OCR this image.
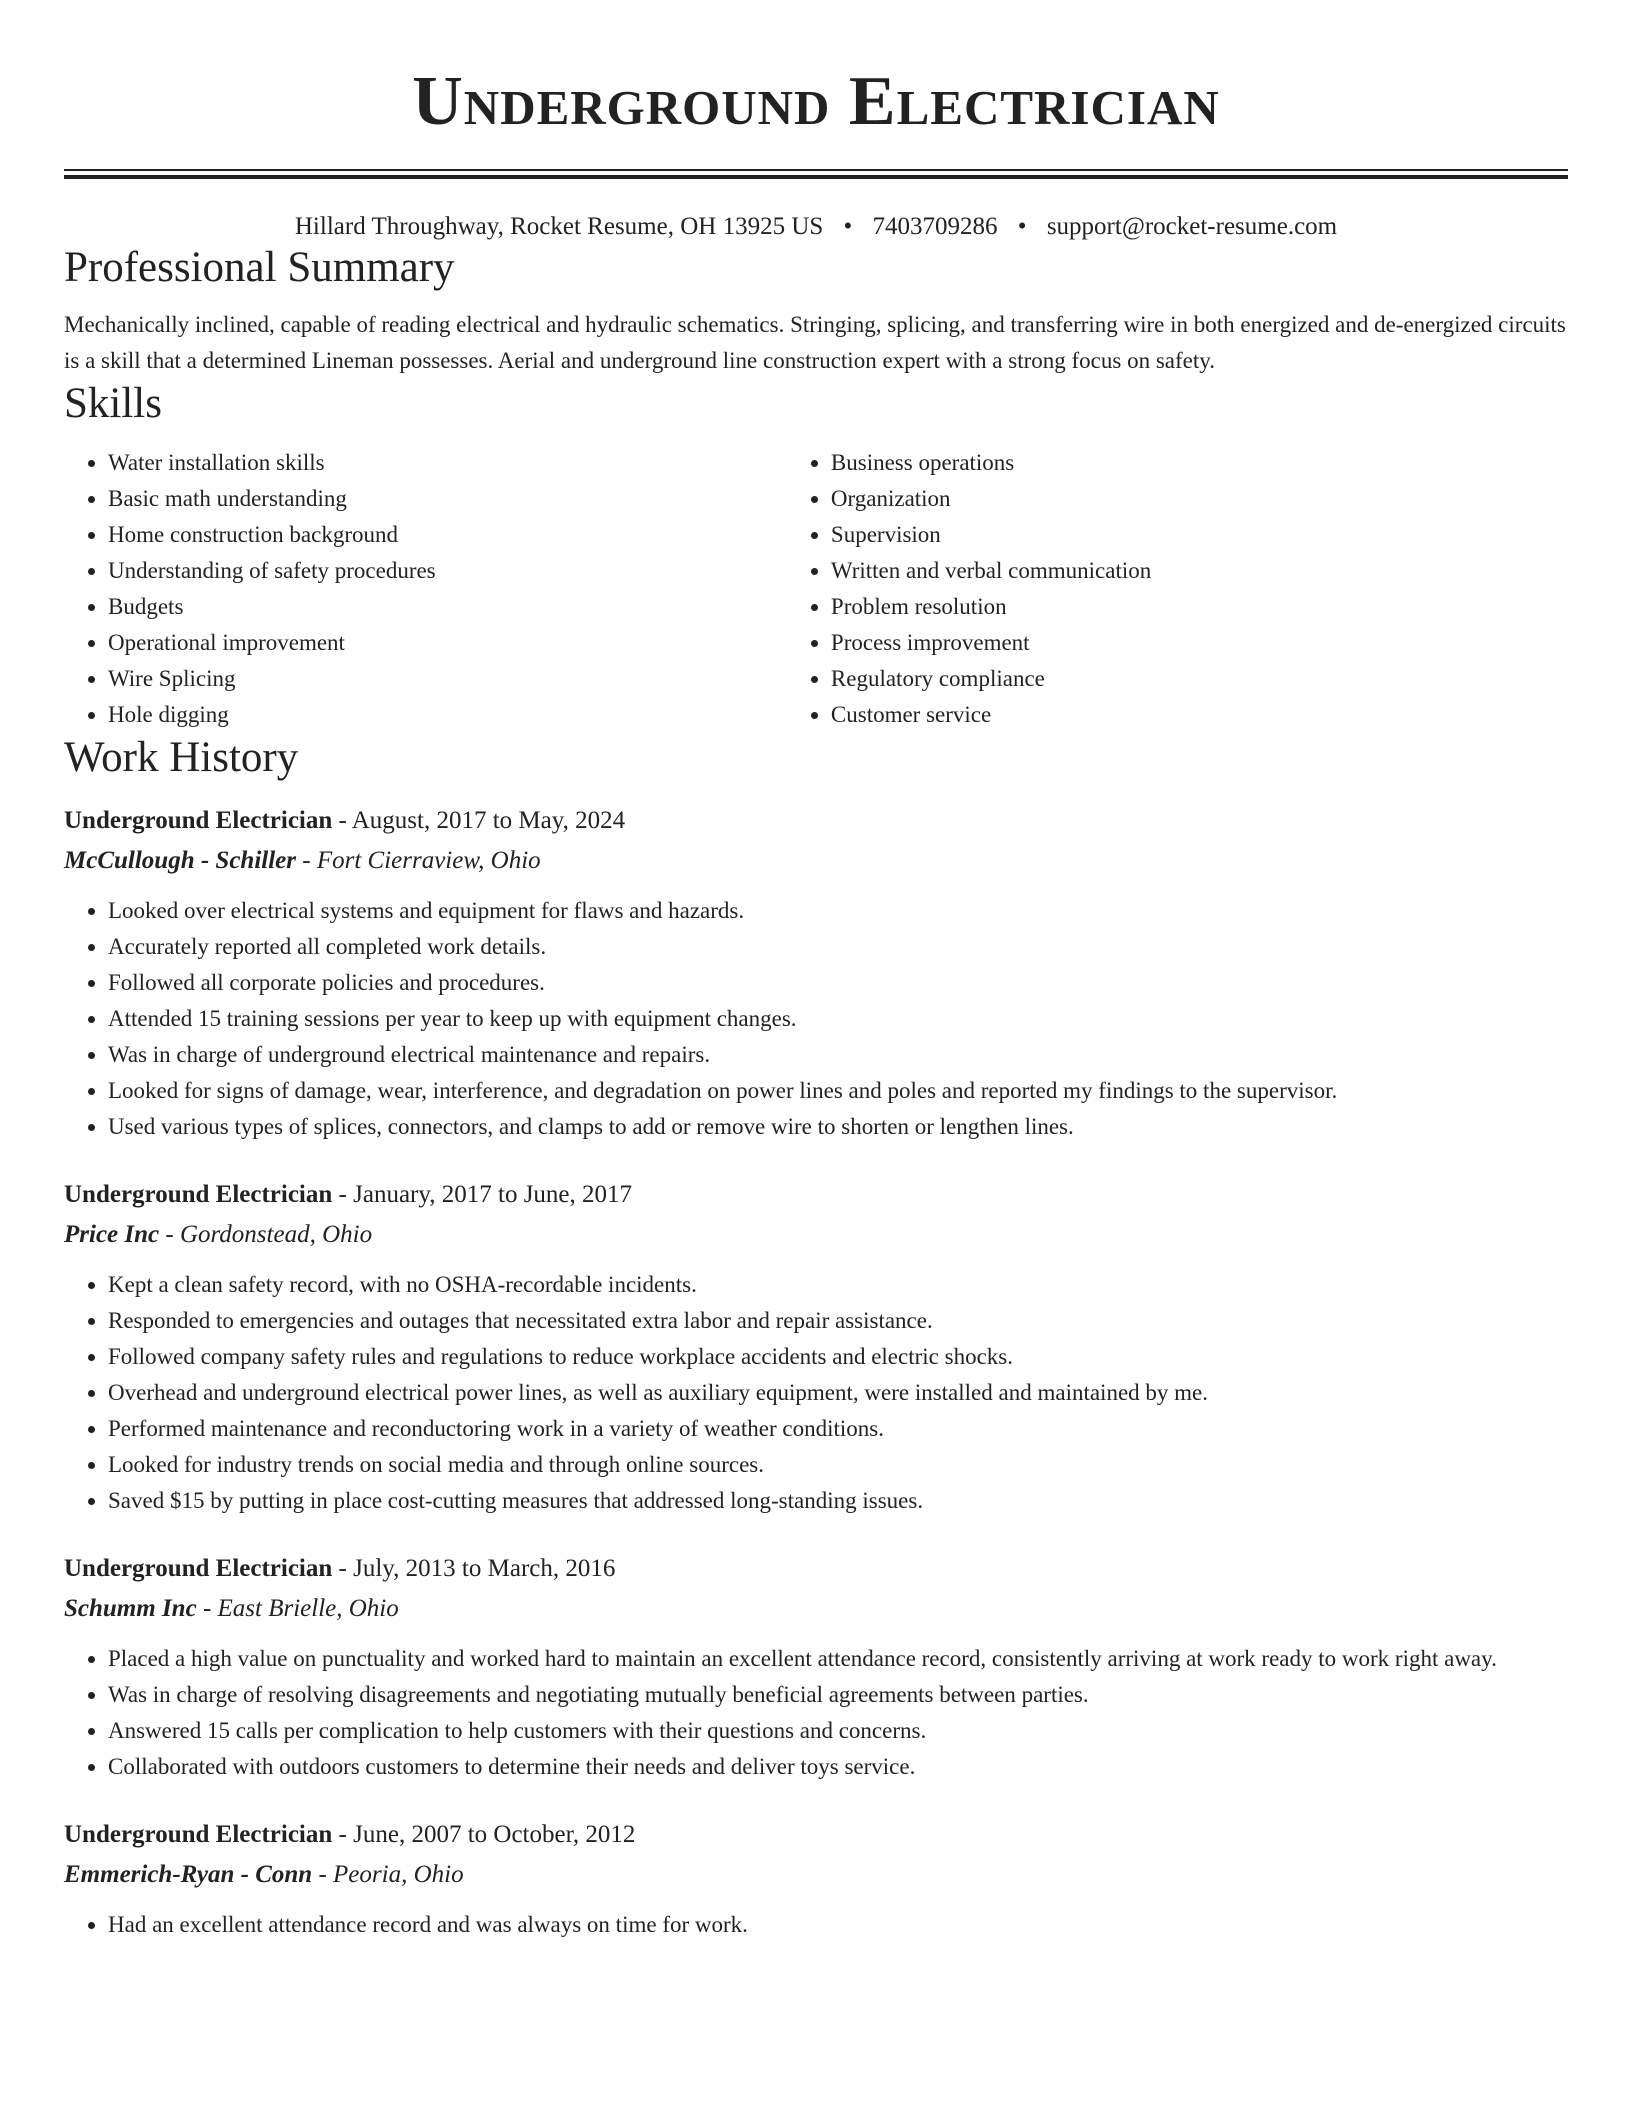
Underground Electrician
Hillard Throughway, Rocket Resume, OH 13925 US • 7403709286 • support@rocket-resume.com
Professional Summary
Mechanically inclined, capable of reading electrical and hydraulic schematics. Stringing, splicing, and transferring wire in both energized and de-energized circuits is a skill that a determined Lineman possesses. Aerial and underground line construction expert with a strong focus on safety.
Skills
• Water installation skills
• Basic math understanding
• Home construction background
• Understanding of safety procedures
• Budgets
• Operational improvement
• Wire Splicing
• Hole digging
• Business operations
• Organization
• Supervision
• Written and verbal communication
• Problem resolution
• Process improvement
• Regulatory compliance
• Customer service
Work History
Underground Electrician - August, 2017 to May, 2024
McCullough - Schiller - Fort Cierraview, Ohio
• Looked over electrical systems and equipment for flaws and hazards.
• Accurately reported all completed work details.
• Followed all corporate policies and procedures.
• Attended 15 training sessions per year to keep up with equipment changes.
• Was in charge of underground electrical maintenance and repairs.
• Looked for signs of damage, wear, interference, and degradation on power lines and poles and reported my findings to the supervisor.
• Used various types of splices, connectors, and clamps to add or remove wire to shorten or lengthen lines.
Underground Electrician - January, 2017 to June, 2017
Price Inc - Gordonstead, Ohio
• Kept a clean safety record, with no OSHA-recordable incidents.
• Responded to emergencies and outages that necessitated extra labor and repair assistance.
• Followed company safety rules and regulations to reduce workplace accidents and electric shocks.
• Overhead and underground electrical power lines, as well as auxiliary equipment, were installed and maintained by me.
• Performed maintenance and reconductoring work in a variety of weather conditions.
• Looked for industry trends on social media and through online sources.
• Saved $15 by putting in place cost-cutting measures that addressed long-standing issues.
Underground Electrician - July, 2013 to March, 2016
Schumm Inc - East Brielle, Ohio
• Placed a high value on punctuality and worked hard to maintain an excellent attendance record, consistently arriving at work ready to work right away.
• Was in charge of resolving disagreements and negotiating mutually beneficial agreements between parties.
• Answered 15 calls per complication to help customers with their questions and concerns.
• Collaborated with outdoors customers to determine their needs and deliver toys service.
Underground Electrician - June, 2007 to October, 2012
Emmerich-Ryan - Conn - Peoria, Ohio
• Had an excellent attendance record and was always on time for work.
